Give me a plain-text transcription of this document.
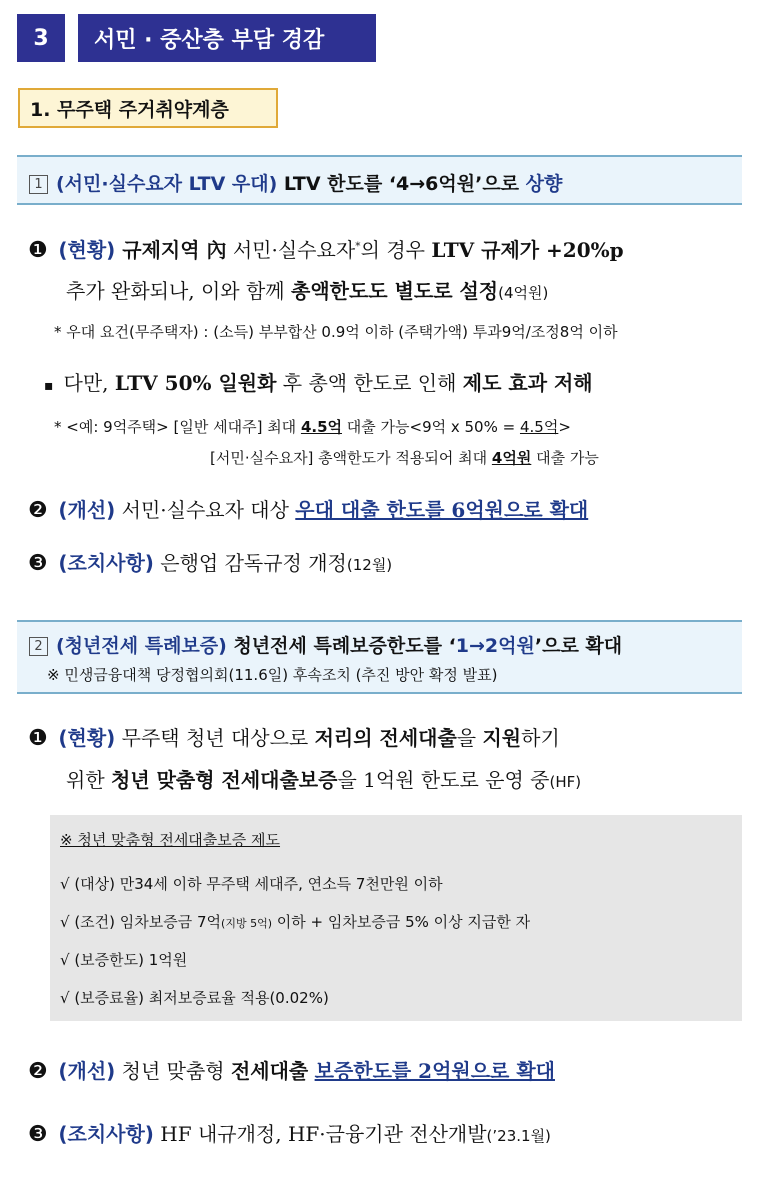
3	서민 · 중산층 부담 경감
1. 무주택 주거취약계층
1 (서민·실수요자 LTV 우대) LTV 한도를 ‘4→6억원’으로 상향
❶ (현황) 규제지역 內 서민·실수요자*의 경우 LTV 규제가 +20%p
추가 완화되나, 이와 함께 총액한도도 별도로 설정(4억원)
* 우대 요건(무주택자) : (소득) 부부합산 0.9억 이하 (주택가액) 투과9억/조정8억 이하
▪ 다만, LTV 50% 일원화 후 총액 한도로 인해 제도 효과 저해
* <예: 9억주택> [일반 세대주] 최대 4.5억 대출 가능<9억 x 50% = 4.5억>
[서민·실수요자] 총액한도가 적용되어 최대 4억원 대출 가능
❷ (개선) 서민·실수요자 대상 우대 대출 한도를 6억원으로 확대
❸ (조치사항) 은행업 감독규정 개정(12월)
2 (청년전세 특례보증) 청년전세 특례보증한도를 ‘1→2억원’으로 확대
※ 민생금융대책 당정협의회(11.6일) 후속조치 (추진 방안 확정 발표)
❶ (현황) 무주택 청년 대상으로 저리의 전세대출을 지원하기
위한 청년 맞춤형 전세대출보증을 1억원 한도로 운영 중(HF)
※ 청년 맞춤형 전세대출보증 제도
√ (대상) 만34세 이하 무주택 세대주, 연소득 7천만원 이하
√ (조건) 임차보증금 7억(지방 5억) 이하 + 임차보증금 5% 이상 지급한 자
√ (보증한도) 1억원
√ (보증료율) 최저보증료율 적용(0.02%)
❷ (개선) 청년 맞춤형 전세대출 보증한도를 2억원으로 확대
❸ (조치사항) HF 내규개정, HF·금융기관 전산개발(’23.1월)
